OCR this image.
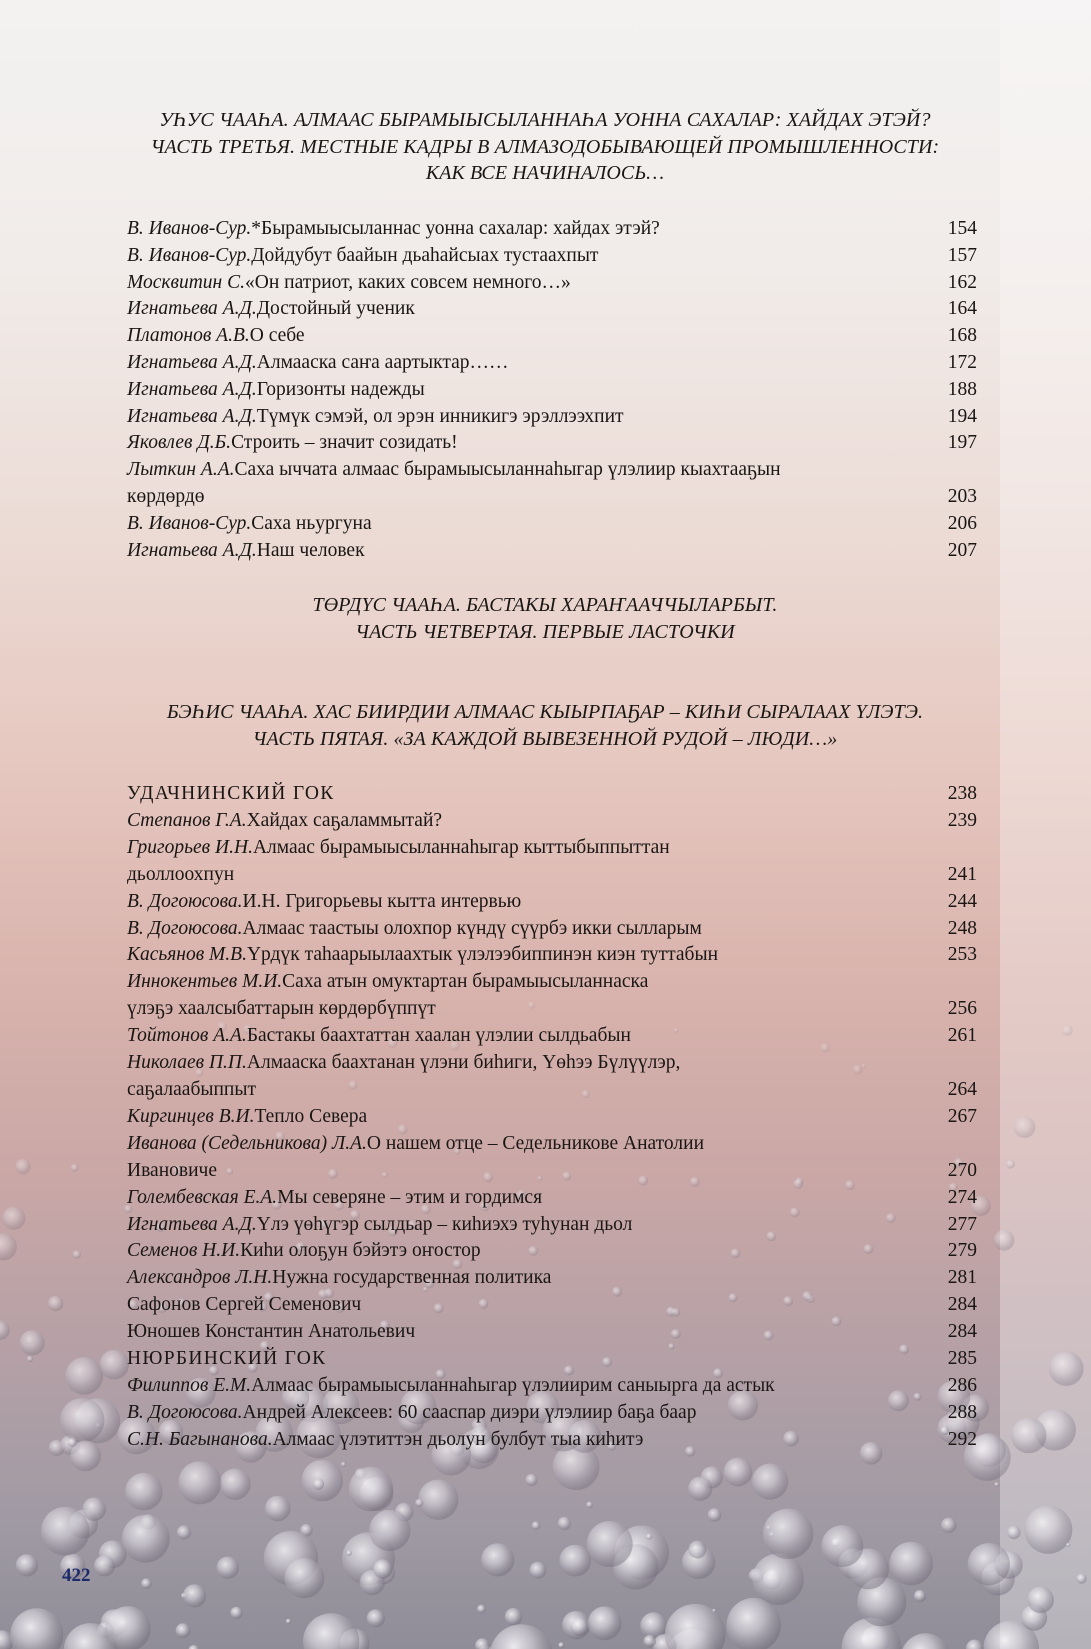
УҺУС ЧААҺА. АЛМААС БЫРАМЫЫСЫЛАННАҺА УОННА САХАЛАР: ХАЙДАХ ЭТЭЙ?
ЧАСТЬ ТРЕТЬЯ. МЕСТНЫЕ КАДРЫ В АЛМАЗОДОБЫВАЮЩЕЙ ПРОМЫШЛЕННОСТИ:
КАК ВСЕ НАЧИНАЛОСЬ…
В. Иванов-Сур. *Бырамыысыланнас уонна сахалар: хайдах этэй?	154
В. Иванов-Сур. Дойдубут баайын дьаһайсыах тустаахпыт	157
Москвитин С. «Он патриот, каких совсем немного…»	162
Игнатьева А.Д. Достойный ученик	164
Платонов А.В. О себе	168
Игнатьева А.Д. Алмааска саҥа аартыктар……	172
Игнатьева А.Д. Горизонты надежды	188
Игнатьева А.Д. Түмүк сэмэй, ол эрэн инникигэ эрэллээхпит	194
Яковлев Д.Б. Строить – значит созидать!	197
Лыткин А.А. Саха ыччата алмаас бырамыысыланнаһыгар үлэлиир кыахтааҕын
көрдөрдө	203
В. Иванов-Сур. Саха ньургуна	206
Игнатьева А.Д. Наш человек	207
ТӨРДҮС ЧААҺА. БАСТАКЫ ХАРАҤААЧЧЫЛАРБЫТ.
ЧАСТЬ ЧЕТВЕРТАЯ. ПЕРВЫЕ ЛАСТОЧКИ
БЭҺИС ЧААҺА. ХАС БИИРДИИ АЛМААС КЫЫРПАҔАР – КИҺИ СЫРАЛААХ ҮЛЭТЭ.
ЧАСТЬ ПЯТАЯ. «ЗА КАЖДОЙ ВЫВЕЗЕННОЙ РУДОЙ – ЛЮДИ…»
УДАЧНИНСКИЙ ГОК	238
Степанов Г.А. Хайдах саҕаламмытай?	239
Григорьев И.Н. Алмаас бырамыысыланнаһыгар кыттыбыппыттан
дьоллоохпун	241
В. Догоюсова. И.Н. Григорьевы кытта интервью	244
В. Догоюсова. Алмаас таастыы олохпор күндү сүүрбэ икки сылларым	248
Касьянов М.В. Үрдүк таһаарыылаахтык үлэлээбиппинэн киэн туттабын	253
Иннокентьев М.И. Саха атын омуктартан бырамыысыланнаска
үлэҕэ хаалсыбаттарын көрдөрбүппүт	256
Тойтонов А.А. Бастакы баахтаттан хаалан үлэлии сылдьабын	261
Николаев П.П. Алмааска баахтанан үлэни биһиги, Үөһээ Бүлүүлэр,
саҕалаабыппыт	264
Киргинцев В.И. Тепло Севера	267
Иванова (Седельникова) Л.А. О нашем отце – Седельникове Анатолии
Ивановиче	270
Голембевская Е.А. Мы северяне – этим и гордимся	274
Игнатьева А.Д. Үлэ үөһүгэр сылдьар – киһиэхэ туһунан дьол	277
Семенов Н.И. Киһи олоҕун бэйэтэ оҥостор	279
Александров Л.Н. Нужна государственная политика	281
Сафонов Сергей Семенович	284
Юношев Константин Анатольевич	284
НЮРБИНСКИЙ ГОК	285
Филиппов Е.М. Алмаас бырамыысыланнаһыгар үлэлиирим саныырга да астык	286
В. Догоюсова. Андрей Алексеев: 60 сааспар диэри үлэлиир баҕа баар	288
С.Н. Багынанова. Алмаас үлэтиттэн дьолун булбут тыа киһитэ	292
422
